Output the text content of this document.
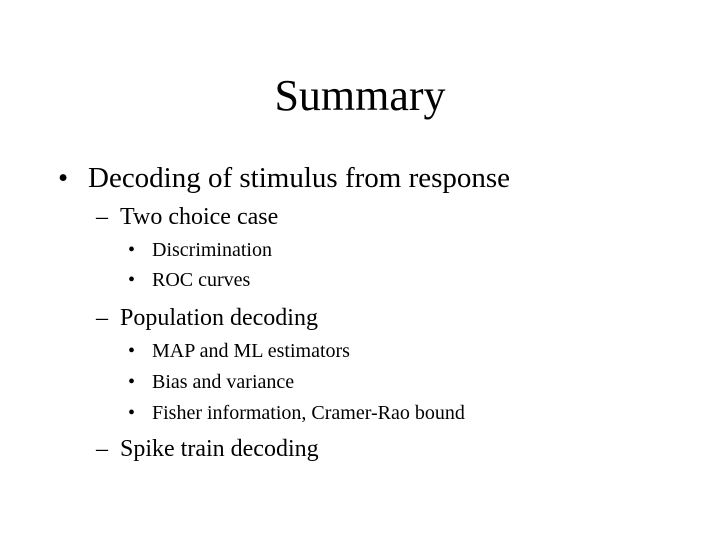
Summary
• Decoding of stimulus from response
– Two choice case
• Discrimination
• ROC curves
– Population decoding
• MAP and ML estimators
• Bias and variance
• Fisher information, Cramer-Rao bound
– Spike train decoding
